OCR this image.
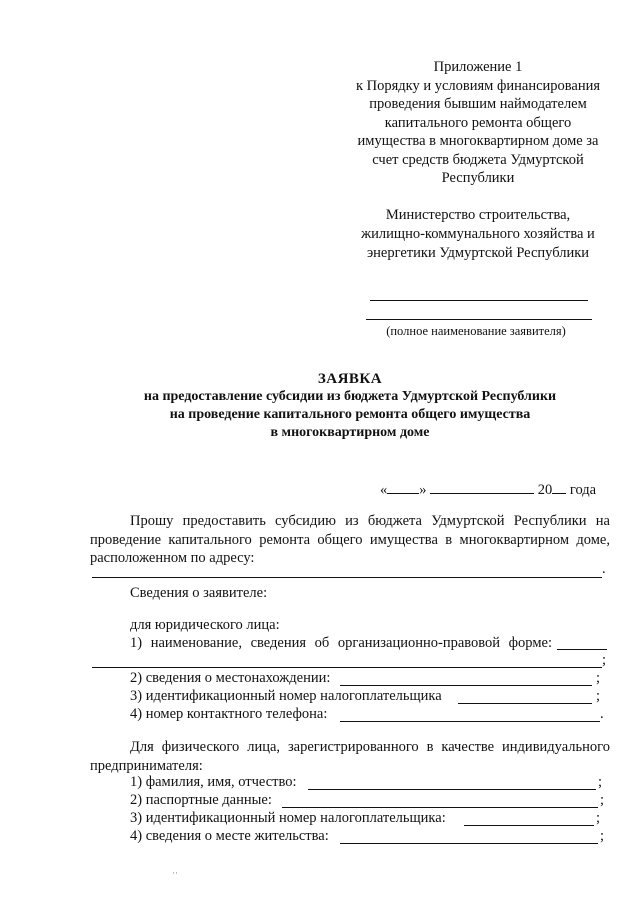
Приложение 1
к Порядку и условиям финансирования
проведения бывшим наймодателем
капитального ремонта общего
имущества в многоквартирном доме за
счет средств бюджета Удмуртской
Республики
Министерство строительства,
жилищно-коммунального хозяйства и
энергетики Удмуртской Республики
(полное наименование заявителя)
ЗАЯВКА
на предоставление субсидии из бюджета Удмуртской Республики
на проведение капитального ремонта общего имущества
в многоквартирном доме
« »	20 года
Прошу предоставить субсидию из бюджета Удмуртской Республики на проведение капитального ремонта общего имущества в многоквартирном доме, расположенном по адресу:
.
Сведения о заявителе:
для юридического лица:
1) наименование, сведения об организационно-правовой форме:
;
2) сведения о местонахождении:	;
3) идентификационный номер налогоплательщика	;
4) номер контактного телефона:	.
Для физического лица, зарегистрированного в качестве индивидуального предпринимателя:
1) фамилия, имя, отчество:	;
2) паспортные данные:	;
3) идентификационный номер налогоплательщика:	;
4) сведения о месте жительства:	;
··
